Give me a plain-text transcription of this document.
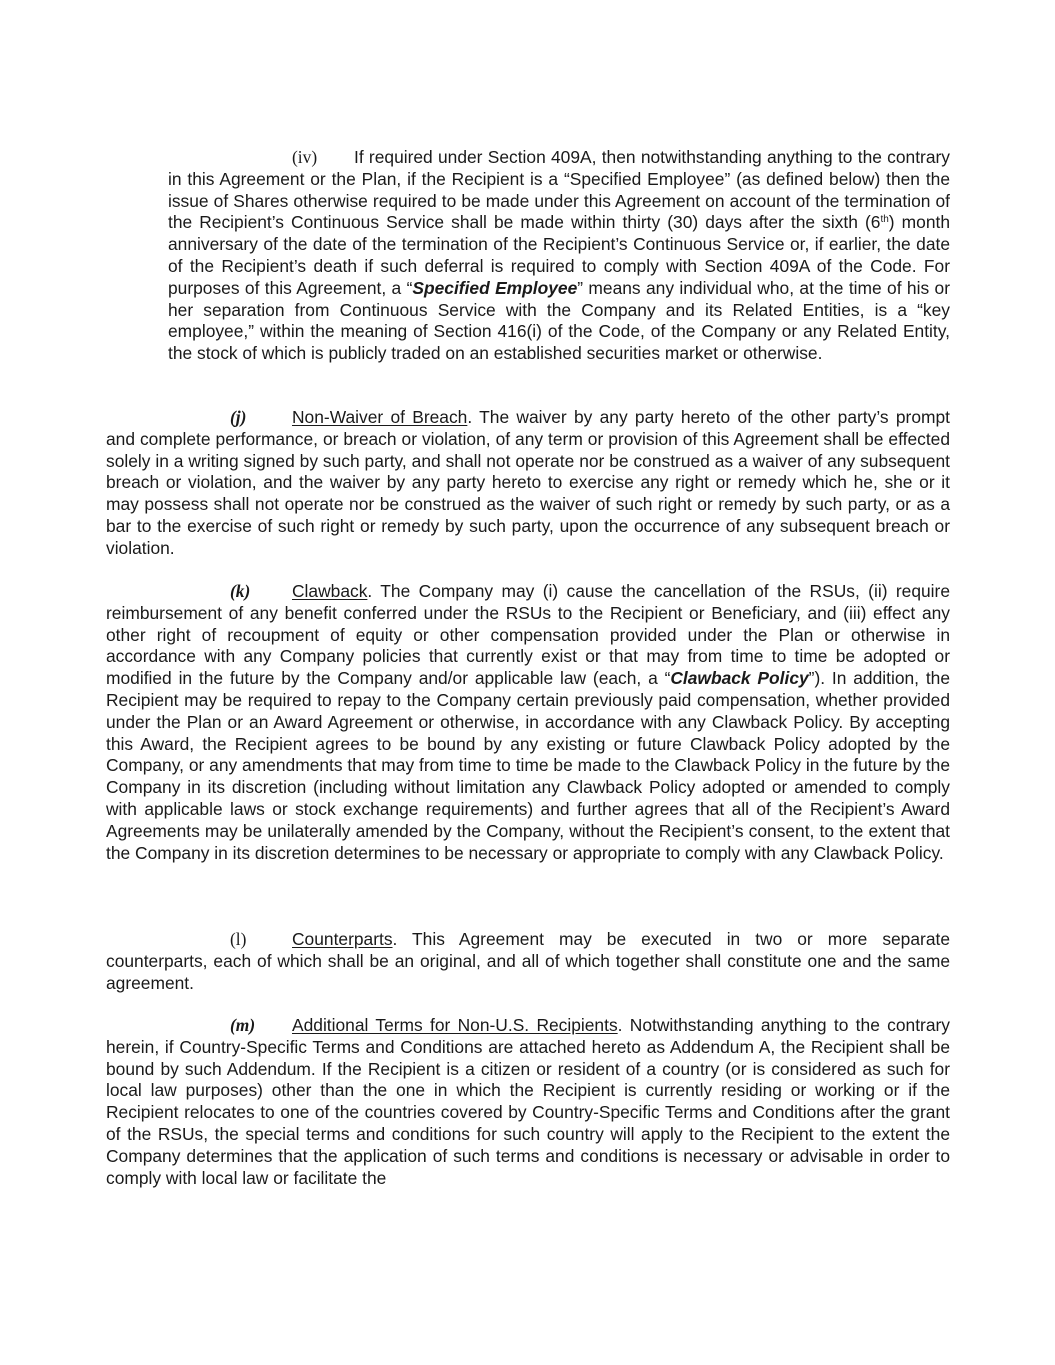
(iv) If required under Section 409A, then notwithstanding anything to the contrary in this Agreement or the Plan, if the Recipient is a “Specified Employee” (as defined below) then the issue of Shares otherwise required to be made under this Agreement on account of the termination of the Recipient’s Continuous Service shall be made within thirty (30) days after the sixth (6th) month anniversary of the date of the termination of the Recipient’s Continuous Service or, if earlier, the date of the Recipient’s death if such deferral is required to comply with Section 409A of the Code. For purposes of this Agreement, a “Specified Employee” means any individual who, at the time of his or her separation from Continuous Service with the Company and its Related Entities, is a “key employee,” within the meaning of Section 416(i) of the Code, of the Company or any Related Entity, the stock of which is publicly traded on an established securities market or otherwise.

(j)	Non-Waiver of Breach. The waiver by any party hereto of the other party’s prompt and complete performance, or breach or violation, of any term or provision of this Agreement shall be effected solely in a writing signed by such party, and shall not operate nor be construed as a waiver of any subsequent breach or violation, and the waiver by any party hereto to exercise any right or remedy which he, she or it may possess shall not operate nor be construed as the waiver of such right or remedy by such party, or as a bar to the exercise of such right or remedy by such party, upon the occurrence of any subsequent breach or violation.

(k) Clawback. The Company may (i) cause the cancellation of the RSUs, (ii) require reimbursement of any benefit conferred under the RSUs to the Recipient or Beneficiary, and (iii) effect any other right of recoupment of equity or other compensation provided under the Plan or otherwise in accordance with any Company policies that currently exist or that may from time to time be adopted or modified in the future by the Company and/or applicable law (each, a “Clawback Policy”). In addition, the Recipient may be required to repay to the Company certain previously paid compensation, whether provided under the Plan or an Award Agreement or otherwise, in accordance with any Clawback Policy. By accepting this Award, the Recipient agrees to be bound by any existing or future Clawback Policy adopted by the Company, or any amendments that may from time to time be made to the Clawback Policy in the future by the Company in its discretion (including without limitation any Clawback Policy adopted or amended to comply with applicable laws or stock exchange requirements) and further agrees that all of the Recipient’s Award Agreements may be unilaterally amended by the Company, without the Recipient’s consent, to the extent that the Company in its discretion determines to be necessary or appropriate to comply with any Clawback Policy.

(l)	Counterparts. This Agreement may be executed in two or more separate counterparts, each of which shall be an original, and all of which together shall constitute one and the same agreement.

(m) Additional Terms for Non-U.S. Recipients. Notwithstanding anything to the contrary herein, if Country-Specific Terms and Conditions are attached hereto as Addendum A, the Recipient shall be bound by such Addendum. If the Recipient is a citizen or resident of a country (or is considered as such for local law purposes) other than the one in which the Recipient is currently residing or working or if the Recipient relocates to one of the countries covered by Country-Specific Terms and Conditions after the grant of the RSUs, the special terms and conditions for such country will apply to the Recipient to the extent the Company determines that the application of such terms and conditions is necessary or advisable in order to comply with local law or facilitate the
